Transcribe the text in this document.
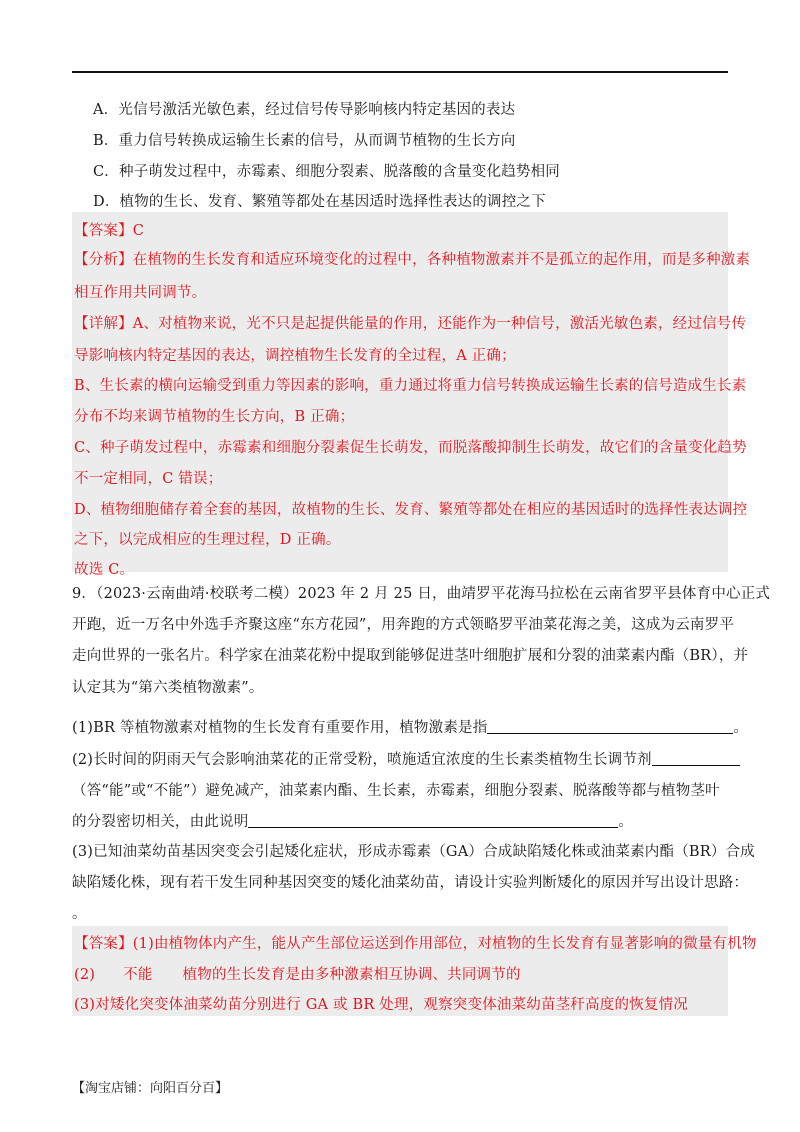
A．光信号激活光敏色素，经过信号传导影响核内特定基因的表达
B．重力信号转换成运输生长素的信号，从而调节植物的生长方向
C．种子萌发过程中，赤霉素、细胞分裂素、脱落酸的含量变化趋势相同
D．植物的生长、发育、繁殖等都处在基因适时选择性表达的调控之下
【答案】C
【分析】在植物的生长发育和适应环境变化的过程中，各种植物激素并不是孤立的起作用，而是多种激素
相互作用共同调节。
【详解】A、对植物来说，光不只是起提供能量的作用，还能作为一种信号，激活光敏色素，经过信号传
导影响核内特定基因的表达，调控植物生长发育的全过程，A 正确；
B、生长素的横向运输受到重力等因素的影响，重力通过将重力信号转换成运输生长素的信号造成生长素
分布不均来调节植物的生长方向，B 正确；
C、种子萌发过程中，赤霉素和细胞分裂素促生长萌发，而脱落酸抑制生长萌发，故它们的含量变化趋势
不一定相同，C 错误；
D、植物细胞储存着全套的基因，故植物的生长、发育、繁殖等都处在相应的基因适时的选择性表达调控
之下，以完成相应的生理过程，D 正确。
故选 C。
9．（2023·云南曲靖·校联考二模）2023 年 2 月 25 日，曲靖罗平花海马拉松在云南省罗平县体育中心正式
开跑，近一万名中外选手齐聚这座“东方花园”，用奔跑的方式领略罗平油菜花海之美，这成为云南罗平
走向世界的一张名片。科学家在油菜花粉中提取到能够促进茎叶细胞扩展和分裂的油菜素内酯（BR），并
认定其为“第六类植物激素”。
(1)BR 等植物激素对植物的生长发育有重要作用，植物激素是指	。
(2)长时间的阴雨天气会影响油菜花的正常受粉，喷施适宜浓度的生长素类植物生长调节剂
（答“能”或“不能”）避免减产，油菜素内酯、生长素，赤霉素，细胞分裂素、脱落酸等都与植物茎叶
的分裂密切相关，由此说明	。
(3)已知油菜幼苗基因突变会引起矮化症状，形成赤霉素（GA）合成缺陷矮化株或油菜素内酯（BR）合成
缺陷矮化株，现有若干发生同种基因突变的矮化油菜幼苗，请设计实验判断矮化的原因并写出设计思路：
。
【答案】(1)由植物体内产生，能从产生部位运送到作用部位，对植物的生长发育有显著影响的微量有机物
(2) 不能 植物的生长发育是由多种激素相互协调、共同调节的
(3)对矮化突变体油菜幼苗分别进行 GA 或 BR 处理，观察突变体油菜幼苗茎秆高度的恢复情况
【淘宝店铺：向阳百分百】
